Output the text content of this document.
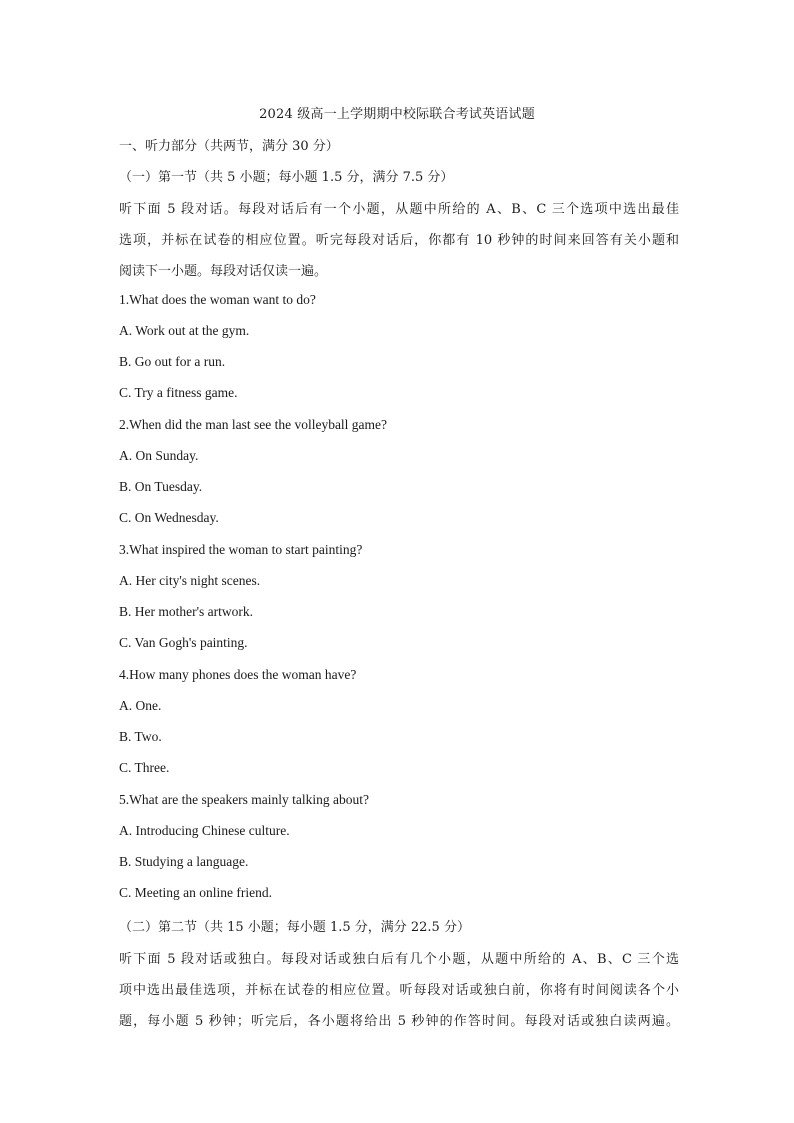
2024 级高一上学期期中校际联合考试英语试题
一、听力部分（共两节，满分 30 分）
（一）第一节（共 5 小题；每小题 1.5 分，满分 7.5 分）
听下面 5 段对话。每段对话后有一个小题，从题中所给的 A、B、C 三个选项中选出最佳
选项，并标在试卷的相应位置。听完每段对话后，你都有 10 秒钟的时间来回答有关小题和
阅读下一小题。每段对话仅读一遍。
1.What does the woman want to do?
A. Work out at the gym.
B. Go out for a run.
C. Try a fitness game.
2.When did the man last see the volleyball game?
A. On Sunday.
B. On Tuesday.
C. On Wednesday.
3.What inspired the woman to start painting?
A. Her city's night scenes.
B. Her mother's artwork.
C. Van Gogh's painting.
4.How many phones does the woman have?
A. One.
B. Two.
C. Three.
5.What are the speakers mainly talking about?
A. Introducing Chinese culture.
B. Studying a language.
C. Meeting an online friend.
（二）第二节（共 15 小题；每小题 1.5 分，满分 22.5 分）
听下面 5 段对话或独白。每段对话或独白后有几个小题，从题中所给的 A、B、C 三个选
项中选出最佳选项，并标在试卷的相应位置。听每段对话或独白前，你将有时间阅读各个小
题，每小题 5 秒钟；听完后，各小题将给出 5 秒钟的作答时间。每段对话或独白读两遍。
